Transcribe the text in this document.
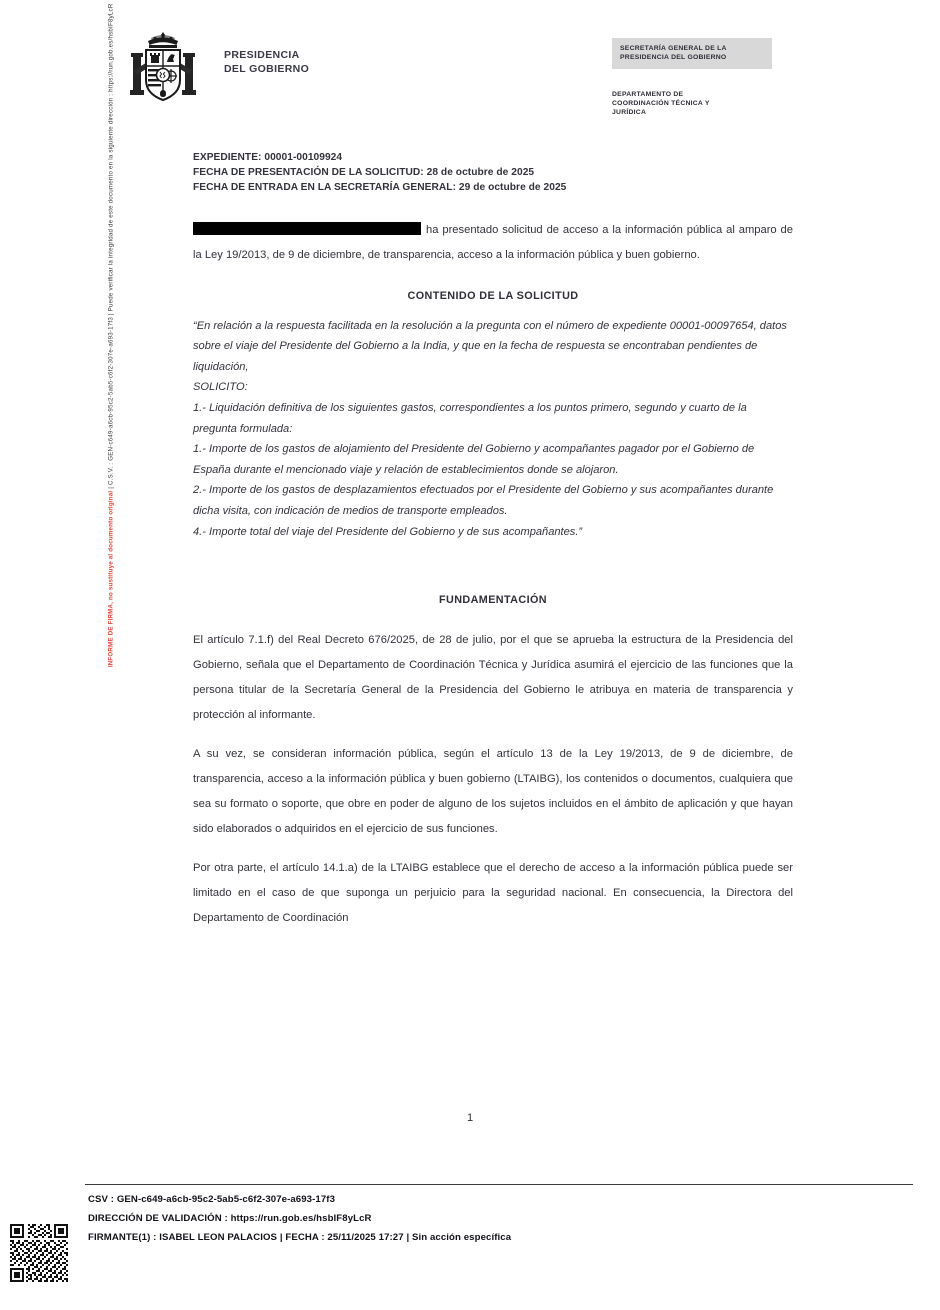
INFORME DE FIRMA, no sustituye al documento original | C.S.V. : GEN-c649-a6cb-95c2-5ab5-c6f2-307e-a693-17f3 | Puede verificar la integridad de este documento en la siguiente dirección : https://run.gob.es/hsbIF8yLcR	PRESIDENCIA
DEL GOBIERNO
SECRETARÍA GENERAL DE LA
PRESIDENCIA DEL GOBIERNO
DEPARTAMENTO DE
COORDINACIÓN TÉCNICA Y
JURÍDICA
EXPEDIENTE: 00001-00109924
FECHA DE PRESENTACIÓN DE LA SOLICITUD: 28 de octubre de 2025
FECHA DE ENTRADA EN LA SECRETARÍA GENERAL: 29 de octubre de 2025
ha presentado solicitud de acceso a la información pública al amparo de la Ley 19/2013, de 9 de diciembre, de transparencia, acceso a la información pública y buen gobierno.
CONTENIDO DE LA SOLICITUD
“En relación a la respuesta facilitada en la resolución a la pregunta con el número de expediente 00001-00097654, datos sobre el viaje del Presidente del Gobierno a la India, y que en la fecha de respuesta se encontraban pendientes de liquidación,
SOLICITO:
1.- Liquidación definitiva de los siguientes gastos, correspondientes a los puntos primero, segundo y cuarto de la pregunta formulada:
1.- Importe de los gastos de alojamiento del Presidente del Gobierno y acompañantes pagador por el Gobierno de España durante el mencionado viaje y relación de establecimientos donde se alojaron.
2.- Importe de los gastos de desplazamientos efectuados por el Presidente del Gobierno y sus acompañantes durante dicha visita, con indicación de medios de transporte empleados.
4.- Importe total del viaje del Presidente del Gobierno y de sus acompañantes.”
FUNDAMENTACIÓN
El artículo 7.1.f) del Real Decreto 676/2025, de 28 de julio, por el que se aprueba la estructura de la Presidencia del Gobierno, señala que el Departamento de Coordinación Técnica y Jurídica asumirá el ejercicio de las funciones que la persona titular de la Secretaría General de la Presidencia del Gobierno le atribuya en materia de transparencia y protección al informante.
A su vez, se consideran información pública, según el artículo 13 de la Ley 19/2013, de 9 de diciembre, de transparencia, acceso a la información pública y buen gobierno (LTAIBG), los contenidos o documentos, cualquiera que sea su formato o soporte, que obre en poder de alguno de los sujetos incluidos en el ámbito de aplicación y que hayan sido elaborados o adquiridos en el ejercicio de sus funciones.
Por otra parte, el artículo 14.1.a) de la LTAIBG establece que el derecho de acceso a la información pública puede ser limitado en el caso de que suponga un perjuicio para la seguridad nacional. En consecuencia, la Directora del Departamento de Coordinación
1
CSV : GEN-c649-a6cb-95c2-5ab5-c6f2-307e-a693-17f3
DIRECCIÓN DE VALIDACIÓN : https://run.gob.es/hsbIF8yLcR
FIRMANTE(1) : ISABEL LEON PALACIOS | FECHA : 25/11/2025 17:27 | Sin acción específica
